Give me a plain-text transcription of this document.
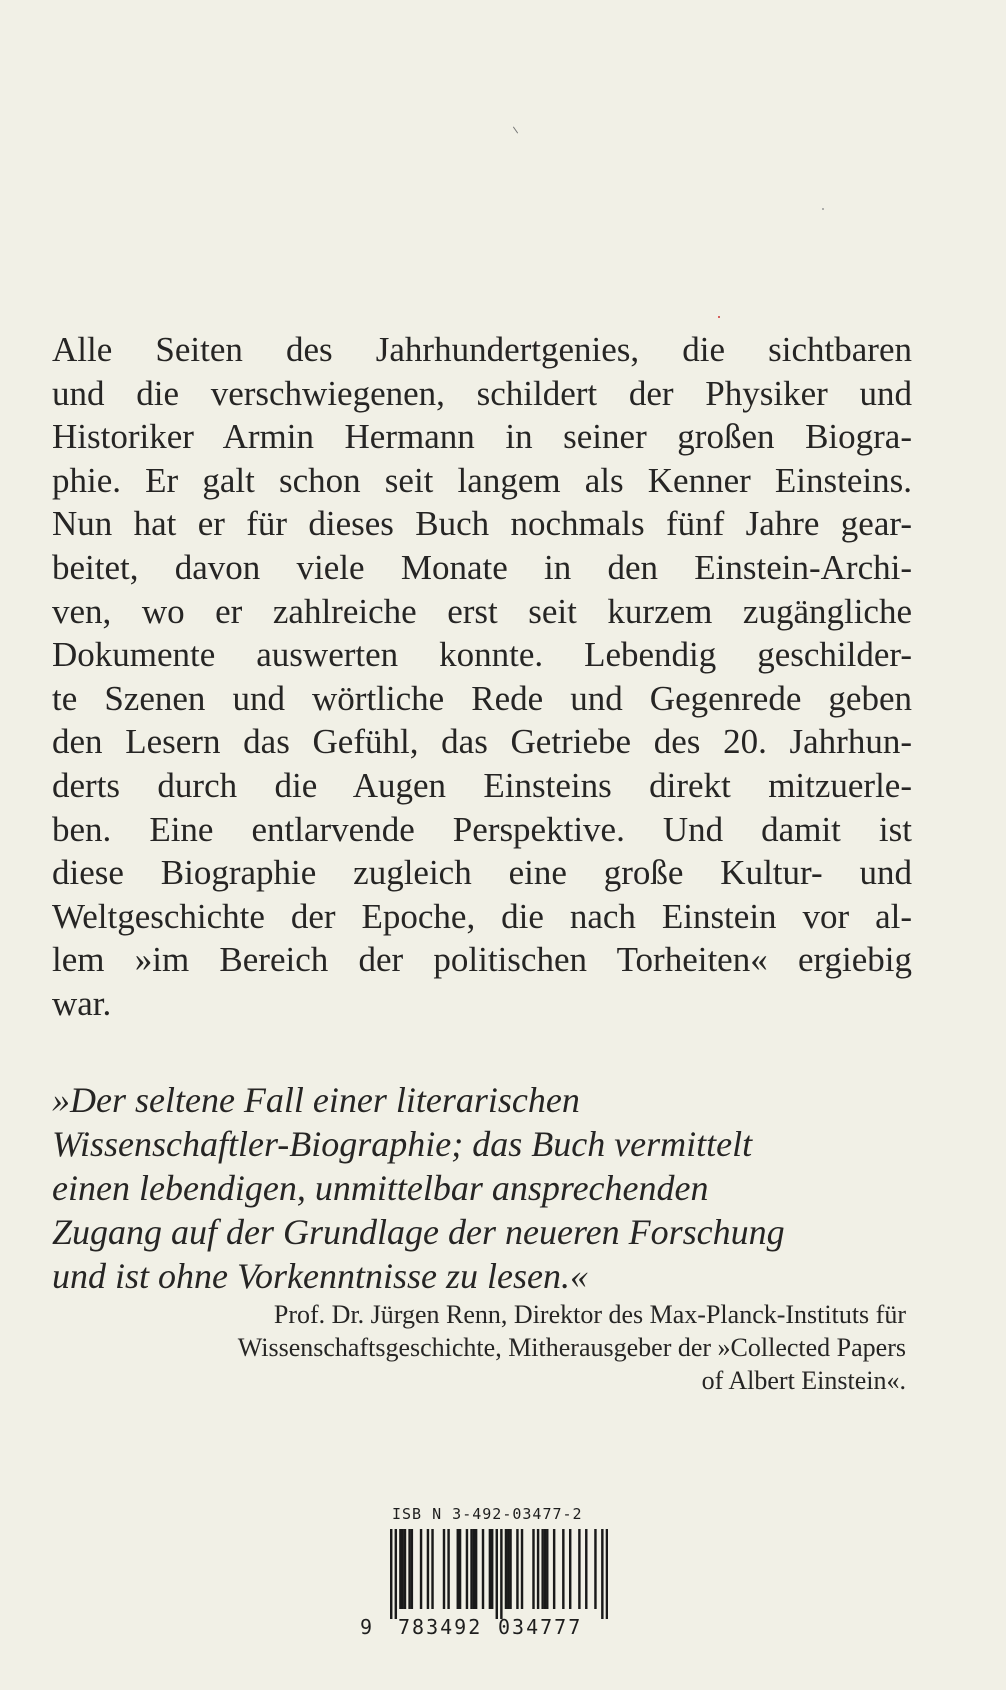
Alle Seiten des Jahrhundertgenies, die sichtbaren
und die verschwiegenen, schildert der Physiker und
Historiker Armin Hermann in seiner großen Biogra-
phie. Er galt schon seit langem als Kenner Einsteins.
Nun hat er für dieses Buch nochmals fünf Jahre gear-
beitet, davon viele Monate in den Einstein-Archi-
ven, wo er zahlreiche erst seit kurzem zugängliche
Dokumente auswerten konnte. Lebendig geschilder-
te Szenen und wörtliche Rede und Gegenrede geben
den Lesern das Gefühl, das Getriebe des 20. Jahrhun-
derts durch die Augen Einsteins direkt mitzuerle-
ben. Eine entlarvende Perspektive. Und damit ist
diese Biographie zugleich eine große Kultur- und
Weltgeschichte der Epoche, die nach Einstein vor al-
lem »im Bereich der politischen Torheiten« ergiebig
war.
»Der seltene Fall einer literarischen
Wissenschaftler-Biographie; das Buch vermittelt
einen lebendigen, unmittelbar ansprechenden
Zugang auf der Grundlage der neueren Forschung
und ist ohne Vorkenntnisse zu lesen.«
Prof. Dr. Jürgen Renn, Direktor des Max-Planck-Instituts für
Wissenschaftsgeschichte, Mitherausgeber der »Collected Papers
of Albert Einstein«.
ISB N 3-492-03477-2
9 783492 034777
